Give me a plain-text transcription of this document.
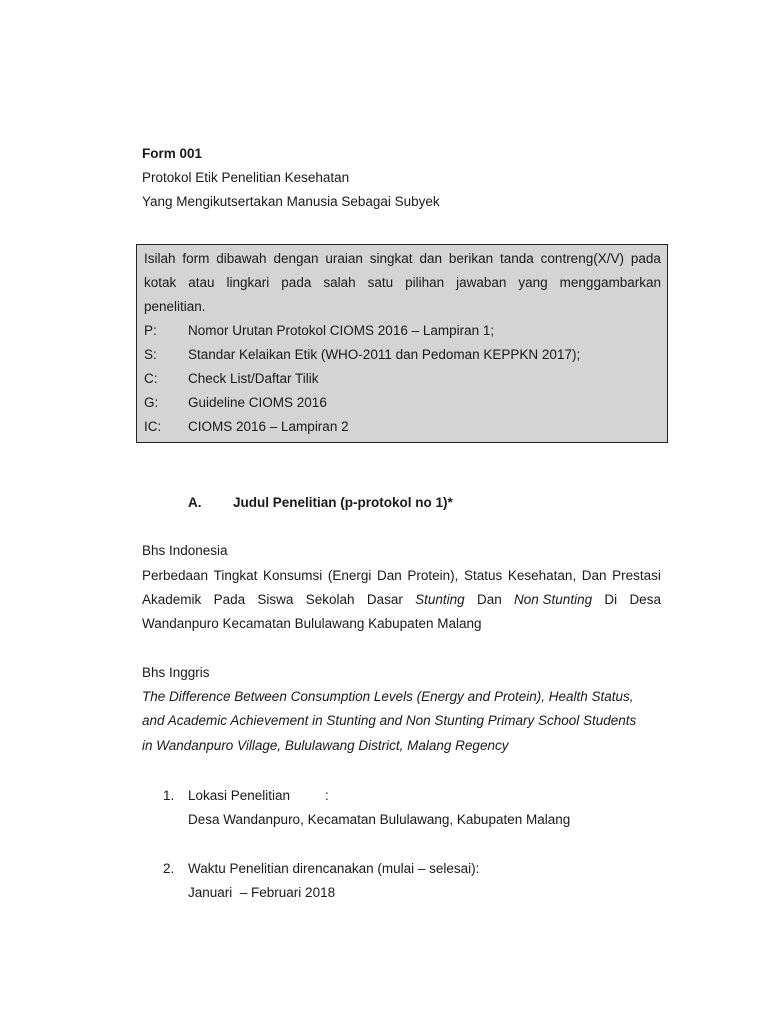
Form 001
Protokol Etik Penelitian Kesehatan
Yang Mengikutsertakan Manusia Sebagai Subyek
Isilah form dibawah dengan uraian singkat dan berikan tanda contreng(X/V) pada
kotak atau lingkari pada salah satu pilihan jawaban yang menggambarkan
penelitian.
P: Nomor Urutan Protokol CIOMS 2016 – Lampiran 1;
S: Standar Kelaikan Etik (WHO-2011 dan Pedoman KEPPKN 2017);
C: Check List/Daftar Tilik
G: Guideline CIOMS 2016
IC: CIOMS 2016 – Lampiran 2
A. Judul Penelitian (p-protokol no 1)*
Bhs Indonesia
Perbedaan Tingkat Konsumsi (Energi Dan Protein), Status Kesehatan, Dan Prestasi
Akademik Pada Siswa Sekolah Dasar Stunting Dan Non Stunting Di Desa
Wandanpuro Kecamatan Bululawang Kabupaten Malang
Bhs Inggris
The Difference Between Consumption Levels (Energy and Protein), Health Status,
and Academic Achievement in Stunting and Non Stunting Primary School Students
in Wandanpuro Village, Bululawang District, Malang Regency
1. Lokasi Penelitian	:
Desa Wandanpuro, Kecamatan Bululawang, Kabupaten Malang
2. Waktu Penelitian direncanakan (mulai – selesai):
Januari  – Februari 2018
